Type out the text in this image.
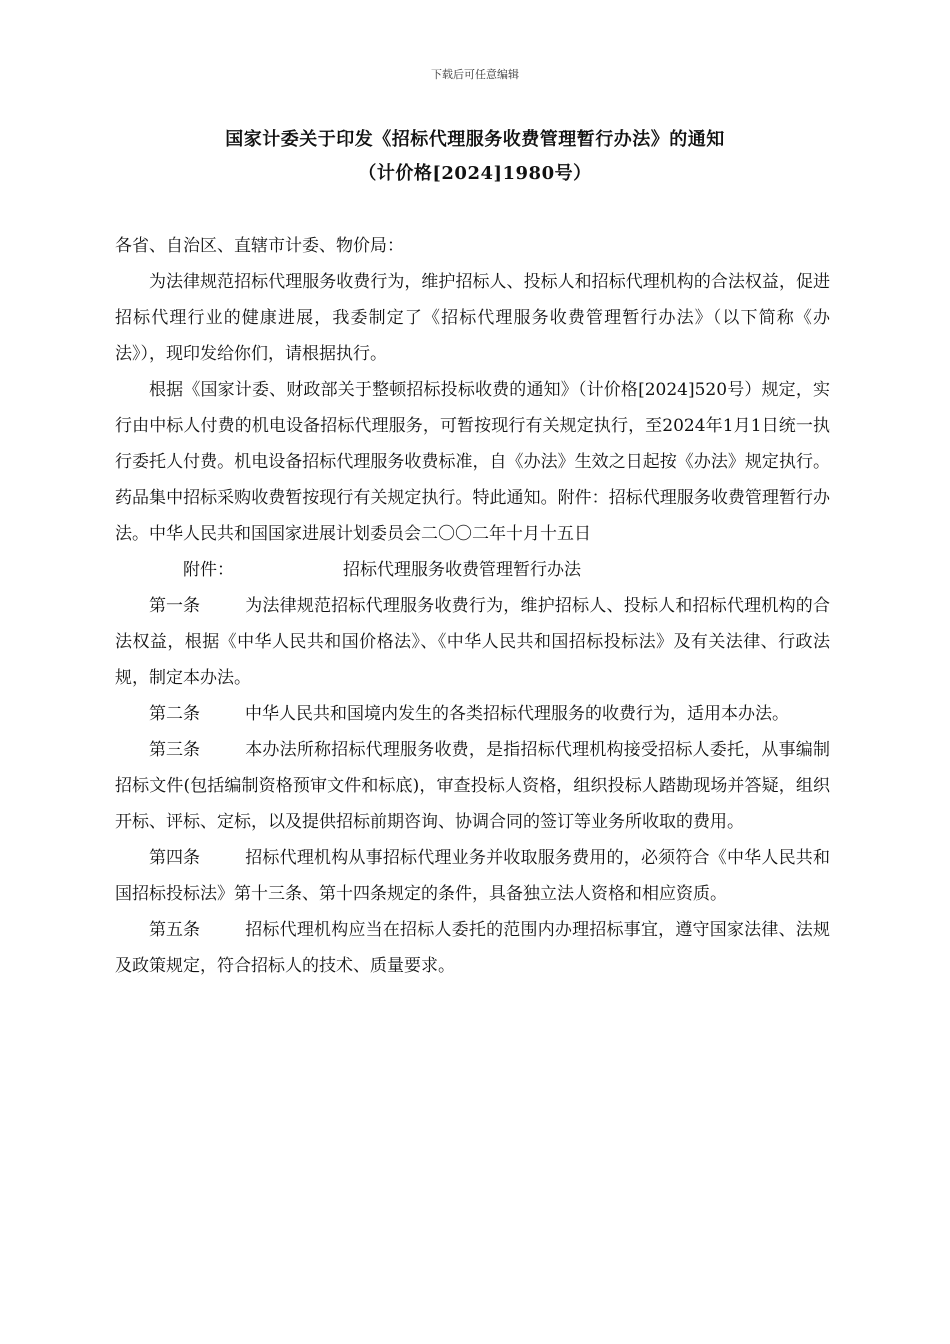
下载后可任意编辑
国家计委关于印发《招标代理服务收费管理暂行办法》的通知
（计价格[2024]1980号）

各省、自治区、直辖市计委、物价局：

为法律规范招标代理服务收费行为，维护招标人、投标人和招标代理机构的合法权益，促进招标代理行业的健康进展，我委制定了《招标代理服务收费管理暂行办法》（以下简称《办法》），现印发给你们，请根据执行。

根据《国家计委、财政部关于整顿招标投标收费的通知》（计价格[2024]520号）规定，实行由中标人付费的机电设备招标代理服务，可暂按现行有关规定执行，至2024年1月1日统一执行委托人付费。机电设备招标代理服务收费标准，自《办法》生效之日起按《办法》规定执行。药品集中招标采购收费暂按现行有关规定执行。特此通知。附件：招标代理服务收费管理暂行办法。中华人民共和国国家进展计划委员会二〇〇二年十月十五日

附件：	招标代理服务收费管理暂行办法

第一条	为法律规范招标代理服务收费行为，维护招标人、投标人和招标代理机构的合法权益，根据《中华人民共和国价格法》、《中华人民共和国招标投标法》及有关法律、行政法规，制定本办法。

第二条	中华人民共和国境内发生的各类招标代理服务的收费行为，适用本办法。

第三条	本办法所称招标代理服务收费，是指招标代理机构接受招标人委托，从事编制招标文件(包括编制资格预审文件和标底)，审查投标人资格，组织投标人踏勘现场并答疑，组织开标、评标、定标，以及提供招标前期咨询、协调合同的签订等业务所收取的费用。

第四条	招标代理机构从事招标代理业务并收取服务费用的，必须符合《中华人民共和国招标投标法》第十三条、第十四条规定的条件，具备独立法人资格和相应资质。

第五条	招标代理机构应当在招标人委托的范围内办理招标事宜，遵守国家法律、法规及政策规定，符合招标人的技术、质量要求。
